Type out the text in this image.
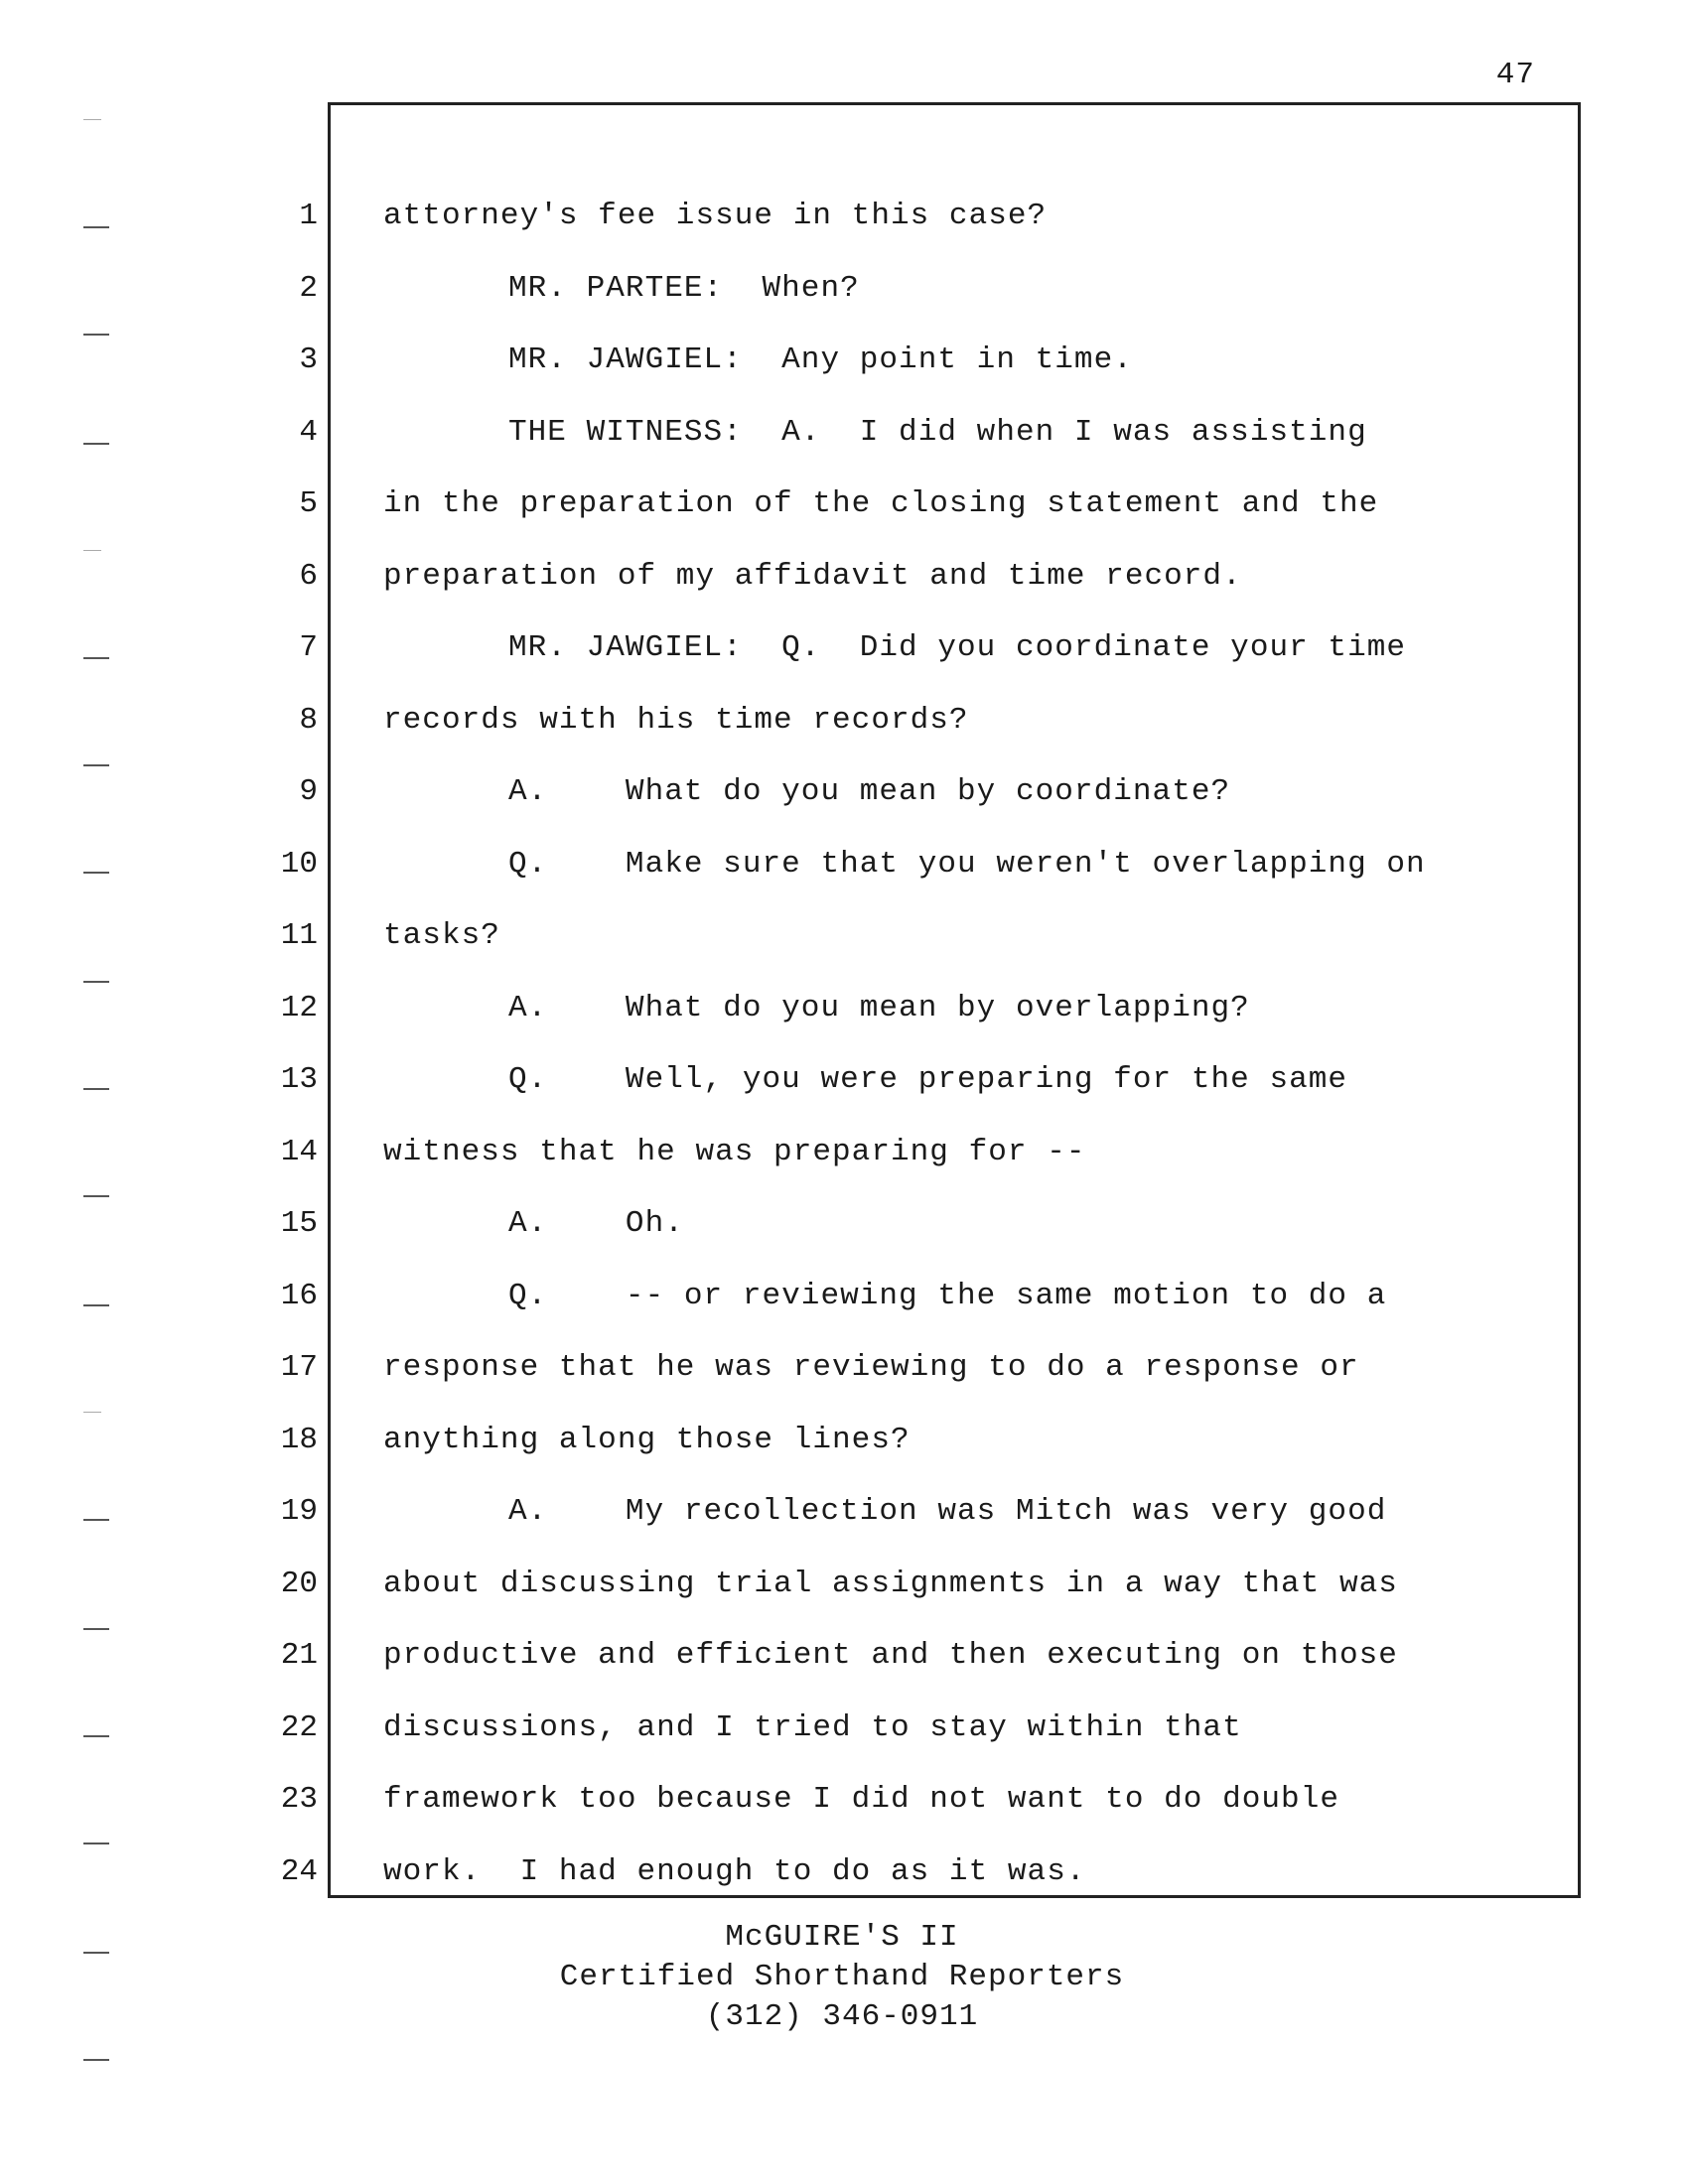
47
1 attorney's fee issue in this case?
2	MR. PARTEE:  When?
3	MR. JAWGIEL:  Any point in time.
4	THE WITNESS:  A.  I did when I was assisting
5 in the preparation of the closing statement and the
6 preparation of my affidavit and time record.
7	MR. JAWGIEL:  Q.  Did you coordinate your time
8 records with his time records?
9	A.    What do you mean by coordinate?
10	Q.    Make sure that you weren't overlapping on
11 tasks?
12	A.    What do you mean by overlapping?
13	Q.    Well, you were preparing for the same
14 witness that he was preparing for --
15	A.    Oh.
16	Q.    -- or reviewing the same motion to do a
17 response that he was reviewing to do a response or
18 anything along those lines?
19	A.    My recollection was Mitch was very good
20 about discussing trial assignments in a way that was
21 productive and efficient and then executing on those
22 discussions, and I tried to stay within that
23 framework too because I did not want to do double
24 work.  I had enough to do as it was.
McGUIRE'S II
Certified Shorthand Reporters
(312) 346-0911
